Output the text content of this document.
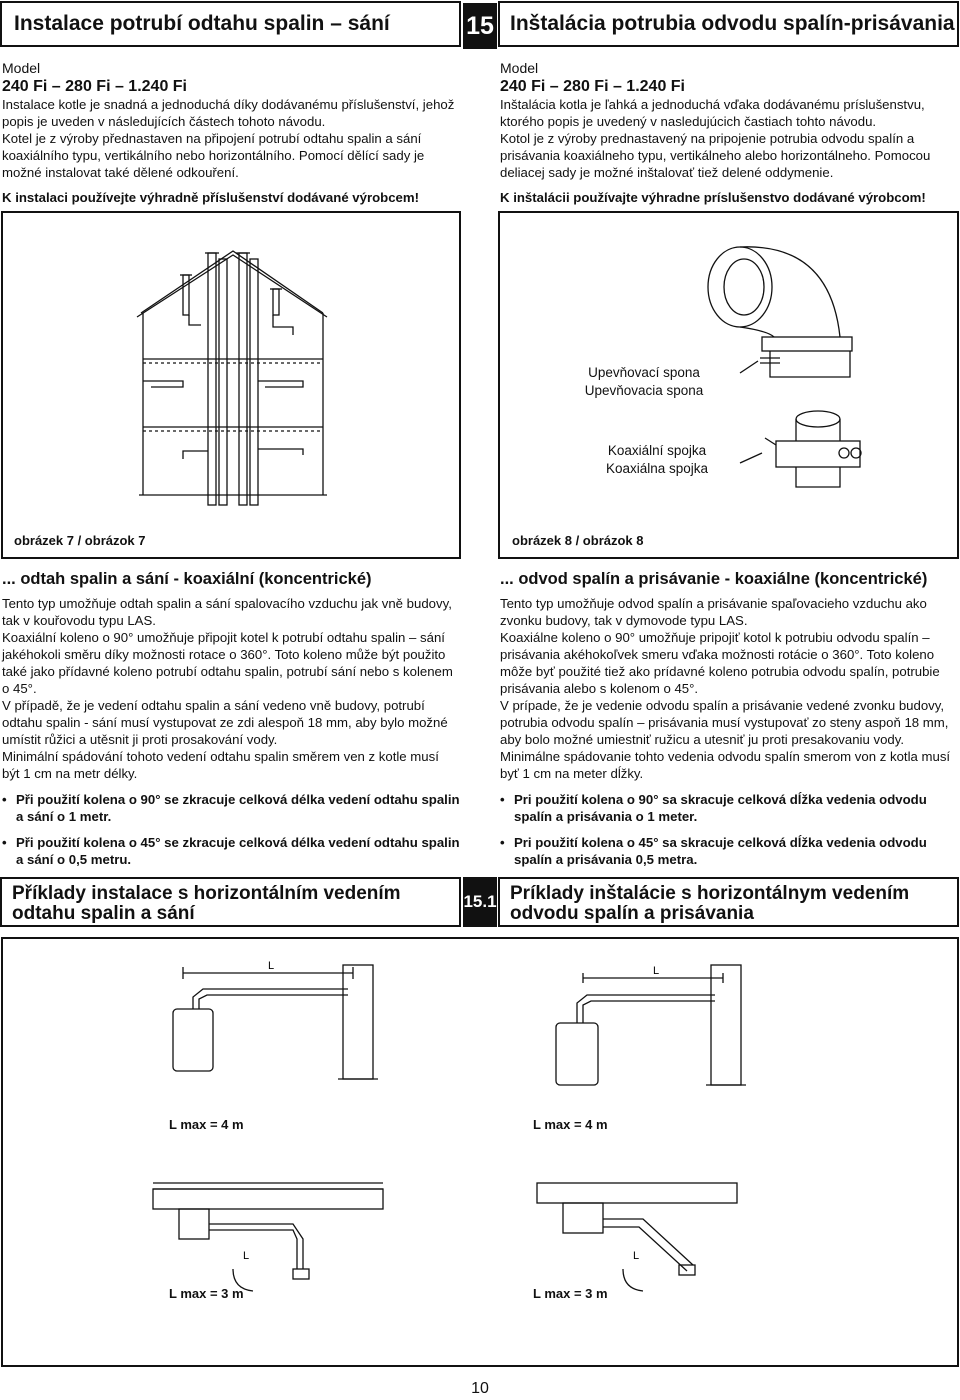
Instalace potrubí odtahu spalin – sání	15 Inštalácia potrubia odvodu spalín-prisávania

Model

240 Fi – 280 Fi – 1.240 Fi

Instalace kotle je snadná a jednoduchá díky dodávanému příslušenství, jehož popis je uveden v následujících částech tohoto návodu.

Kotel je z výroby přednastaven na připojení potrubí odtahu spalin a sání koaxiálního typu, vertikálního nebo horizontálního. Pomocí dělící sady je možné instalovat také dělené odkouření.

K instalaci používejte výhradně příslušenství dodávané výrobcem!

Model

240 Fi – 280 Fi – 1.240 Fi

Inštalácia kotla je ľahká a jednoduchá vďaka dodávanému príslušenstvu, ktorého popis je uvedený v nasledujúcich častiach tohto návodu.

Kotol je z výroby prednastavený na pripojenie potrubia odvodu spalín a prisávania koaxiálneho typu, vertikálneho alebo horizontálneho. Pomocou deliacej sady je možné inštalovať tiež delené oddymenie.

K inštalácii používajte výhradne príslušenstvo dodávané výrobcom!

Upevňovací spona
Upevňovacia spona
Koaxiální spojka
Koaxiálna spojka
obrázek 7 / obrázok 7	obrázek 8 / obrázok 8

... odtah spalin a sání - koaxiální (koncentrické)

Tento typ umožňuje odtah spalin a sání spalovacího vzduchu jak vně budovy, tak v kouřovodu typu LAS.

Koaxiální koleno o 90° umožňuje připojit kotel k potrubí odtahu spalin – sání jakéhokoli směru díky možnosti rotace o 360°. Toto koleno může být použito také jako přídavné koleno potrubí odtahu spalin, potrubí sání nebo s kolenem o 45°.

V případě, že je vedení odtahu spalin a sání vedeno vně budovy, potrubí odtahu spalin - sání musí vystupovat ze zdi alespoň 18 mm, aby bylo možné umístit růžici a utěsnit ji proti prosakování vody.

Minimální spádování tohoto vedení odtahu spalin směrem ven z kotle musí být 1 cm na metr délky.

• Při použití kolena o 90° se zkracuje celková délka vedení odtahu spalin a sání o 1 metr.
• Při použití kolena o 45° se zkracuje celková délka vedení odtahu spalin a sání o 0,5 metru.

... odvod spalín a prisávanie - koaxiálne (koncentrické)

Tento typ umožňuje odvod spalín a prisávanie spaľovacieho vzduchu ako zvonku budovy, tak v dymovode typu LAS.

Koaxiálne koleno o 90° umožňuje pripojiť kotol k potrubiu odvodu spalín – prisávania akéhokoľvek smeru vďaka možnosti rotácie o 360°. Toto koleno môže byť použité tiež ako prídavné koleno potrubia odvodu spalín, potrubie prisávania alebo s kolenom o 45°.

V prípade, že je vedenie odvodu spalín a prisávanie vedené zvonku budovy, potrubia odvodu spalín – prisávania musí vystupovať zo steny aspoň 18 mm, aby bolo možné umiestniť ružicu a utesniť ju proti presakovaniu vody.

Minimálne spádovanie tohto vedenia odvodu spalín smerom von z kotla musí byť 1 cm na meter dĺžky.

• Pri použití kolena o 90° sa skracuje celková dĺžka vedenia odvodu spalín a prisávania o 1 meter.
• Pri použití kolena o 45° sa skracuje celková dĺžka vedenia odvodu spalín a prisávania 0,5 metra.
Příklady instalace s horizontálním vedením odtahu spalin a sání
15.1 Príklady inštalácie s horizontálnym vedením odvodu spalín a prisávania
L	L
L	L
L max = 4 m	L max = 4 m
L max = 3 m	L max = 3 m
10
